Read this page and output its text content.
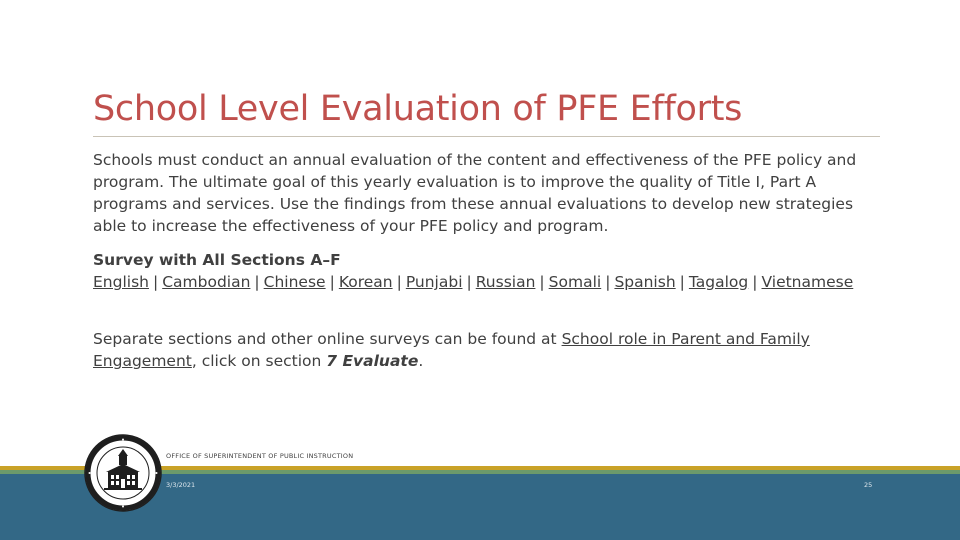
School Level Evaluation of PFE Efforts
Schools must conduct an annual evaluation of the content and effectiveness of the PFE policy and program. The ultimate goal of this yearly evaluation is to improve the quality of Title I, Part A programs and services. Use the findings from these annual evaluations to develop new strategies able to increase the effectiveness of your PFE policy and program.
Survey with All Sections A–F
English | Cambodian | Chinese | Korean | Punjabi | Russian | Somali | Spanish | Tagalog | Vietnamese
Separate sections and other online surveys can be found at School role in Parent and Family Engagement, click on section 7 Evaluate.
OFFICE OF SUPERINTENDENT OF PUBLIC INSTRUCTION
3/3/2021	25
